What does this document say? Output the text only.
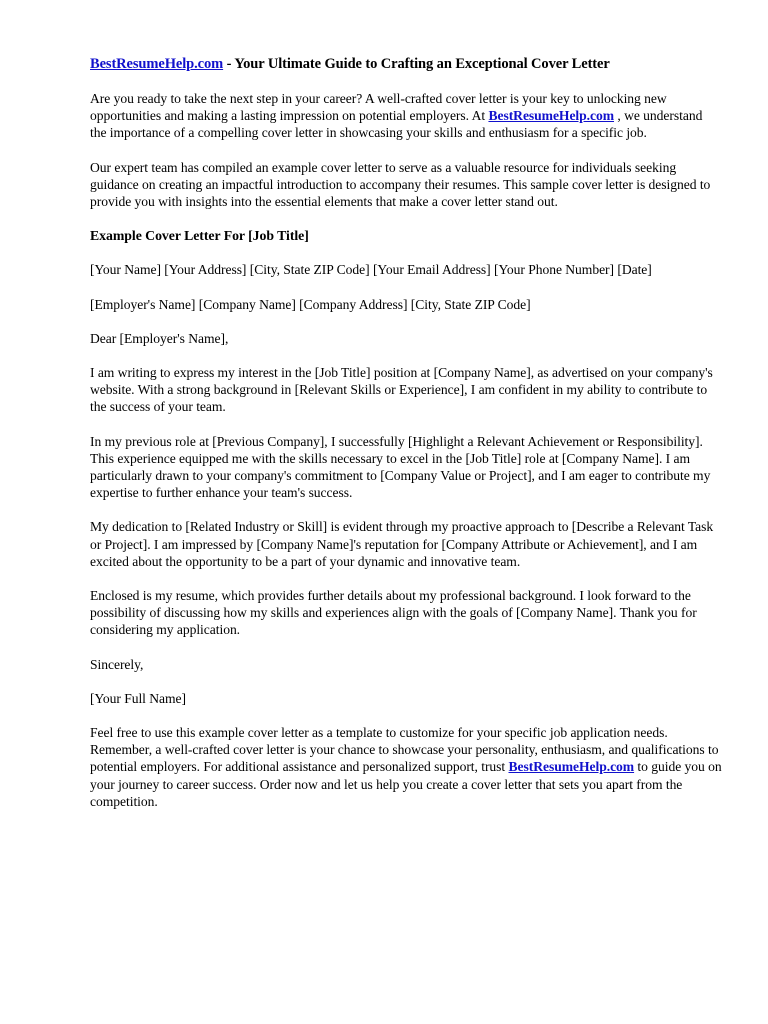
BestResumeHelp.com - Your Ultimate Guide to Crafting an Exceptional Cover Letter

Are you ready to take the next step in your career? A well-crafted cover letter is your key to unlocking new opportunities and making a lasting impression on potential employers. At BestResumeHelp.com , we understand the importance of a compelling cover letter in showcasing your skills and enthusiasm for a specific job.

Our expert team has compiled an example cover letter to serve as a valuable resource for individuals seeking guidance on creating an impactful introduction to accompany their resumes. This sample cover letter is designed to provide you with insights into the essential elements that make a cover letter stand out.

Example Cover Letter For [Job Title]

[Your Name] [Your Address] [City, State ZIP Code] [Your Email Address] [Your Phone Number] [Date]

[Employer's Name] [Company Name] [Company Address] [City, State ZIP Code]

Dear [Employer's Name],

I am writing to express my interest in the [Job Title] position at [Company Name], as advertised on your company's website. With a strong background in [Relevant Skills or Experience], I am confident in my ability to contribute to the success of your team.

In my previous role at [Previous Company], I successfully [Highlight a Relevant Achievement or Responsibility]. This experience equipped me with the skills necessary to excel in the [Job Title] role at [Company Name]. I am particularly drawn to your company's commitment to [Company Value or Project], and I am eager to contribute my expertise to further enhance your team's success.

My dedication to [Related Industry or Skill] is evident through my proactive approach to [Describe a Relevant Task or Project]. I am impressed by [Company Name]'s reputation for [Company Attribute or Achievement], and I am excited about the opportunity to be a part of your dynamic and innovative team.

Enclosed is my resume, which provides further details about my professional background. I look forward to the possibility of discussing how my skills and experiences align with the goals of [Company Name]. Thank you for considering my application.

Sincerely,

[Your Full Name]

Feel free to use this example cover letter as a template to customize for your specific job application needs. Remember, a well-crafted cover letter is your chance to showcase your personality, enthusiasm, and qualifications to potential employers. For additional assistance and personalized support, trust BestResumeHelp.com to guide you on your journey to career success. Order now and let us help you create a cover letter that sets you apart from the competition.
